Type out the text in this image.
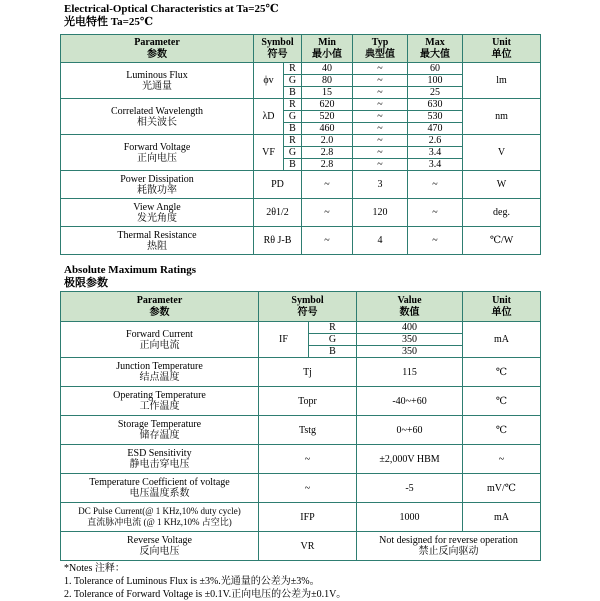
Electrical-Optical Characteristics at Ta=25℃
光电特性 Ta=25℃
Parameter
参数	Symbol
符号		Min
最小值	Typ
典型值	Max
最大值	Unit
单位
Luminous Flux
光通量	ϕv	R	40	~	60	lm
		G	80	~	100	
		B	15	~	25	
Correlated Wavelength
相关波长	λD	R	620	~	630	nm
		G	520	~	530	
		B	460	~	470	
Forward Voltage
正向电压	VF	R	2.0	~	2.6	V
		G	2.8	~	3.4	
		B	2.8	~	3.4	
Power Dissipation
耗散功率	PD		~	3	~	W
View Angle
发光角度	2θ1/2		~	120	~	deg.
Thermal Resistance
热阻	Rθ J-B		~	4	~	℃/W
Absolute Maximum Ratings
极限参数
Parameter
参数	Symbol
符号		Value
数值	Unit
单位
Forward Current
正向电流	IF	R	400	mA
		G	350	
		B	350	
Junction Temperature
结点温度	Tj		115	℃
Operating Temperature
工作温度	Topr		-40~+60	℃
Storage Temperature
储存温度	Tstg		0~+60	℃
ESD Sensitivity
静电击穿电压	~		±2,000V HBM	~
Temperature Coefficient of voltage
电压温度系数	~		-5	mV/℃
DC Pulse Current(@ 1 KHz,10% duty cycle)
直流脉冲电流 (@ 1 KHz,10% 占空比)	IFP		1000	mA
Reverse Voltage
反向电压	VR		Not designed for reverse operation
禁止反向驱动	
*Notes 注释：
1. Tolerance of Luminous Flux is ±3%.光通量的公差为±3%。
2. Tolerance of Forward Voltage is ±0.1V.正向电压的公差为±0.1V。
